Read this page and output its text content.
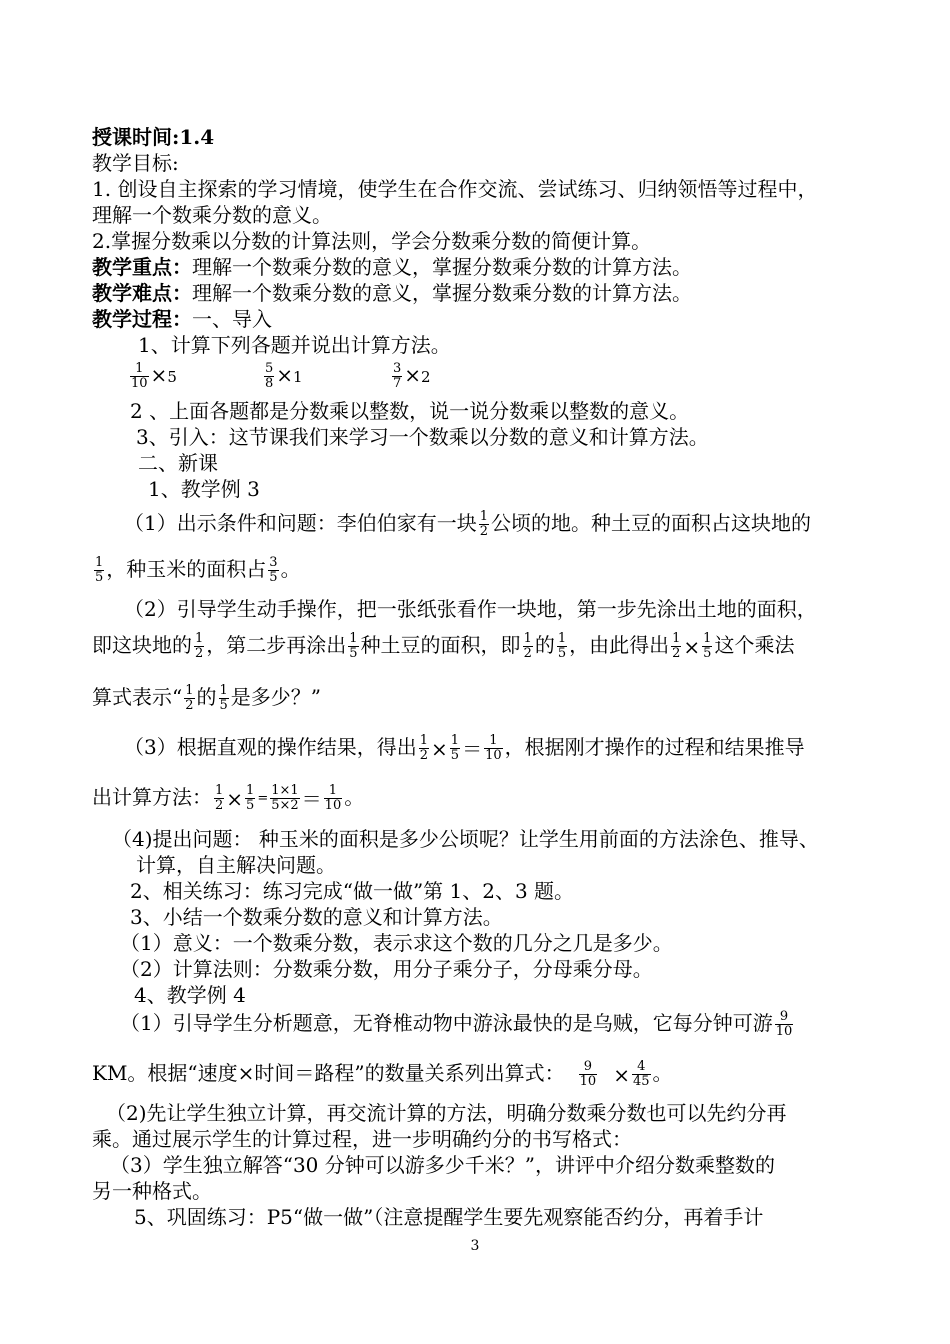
授课时间:1.4
教学目标:
1. 创设自主探索的学习情境，使学生在合作交流、尝试练习、归纳领悟等过程中，
理解一个数乘分数的意义。
2.掌握分数乘以分数的计算法则，学会分数乘分数的简便计算。
教学重点：理解一个数乘分数的意义，掌握分数乘分数的计算方法。
教学难点：理解一个数乘分数的意义，掌握分数乘分数的计算方法。
教学过程：一、导入
1、计算下列各题并说出计算方法。
$\frac{1}{10} \times 5$	$\frac{5}{8} \times 1$	$\frac{3}{7} \times 2$
2 、上面各题都是分数乘以整数，说一说分数乘以整数的意义。
3、引入：这节课我们来学习一个数乘以分数的意义和计算方法。
二、新课
1、教学例 3
（1）出示条件和问题：李伯伯家有一块 $\frac{1}{2}$ 公顷的地。种土豆的面积占这块地的
$\frac{1}{5}$ ，种玉米的面积占 $\frac{3}{5}$ 。
（2）引导学生动手操作，把一张纸张看作一块地，第一步先涂出土地的面积，
即这块地的 $\frac{1}{2}$ ，第二步再涂出 $\frac{1}{5}$ 种土豆的面积，即 $\frac{1}{2}$ 的 $\frac{1}{5}$ ，由此得出 $\frac{1}{2} \times \frac{1}{5}$ 这个乘法
算式表示“ $\frac{1}{2}$ 的 $\frac{1}{5}$ 是多少？”
（3）根据直观的操作结果，得出 $\frac{1}{2} \times \frac{1}{5} = \frac{1}{10}$ ，根据刚才操作的过程和结果推导
出计算方法： $\frac{1}{2} \times \frac{1}{5} = \frac{1\times 1}{5\times 2} = \frac{1}{10}$ 。
（4)提出问题： 种玉米的面积是多少公顷呢？让学生用前面的方法涂色、推导、
计算，自主解决问题。
2、相关练习：练习完成“做一做”第 1、2、3 题。
3、小结一个数乘分数的意义和计算方法。
（1）意义：一个数乘分数，表示求这个数的几分之几是多少。
（2）计算法则：分数乘分数，用分子乘分子，分母乘分母。
4、教学例 4
（1）引导学生分析题意，无脊椎动物中游泳最快的是乌贼，它每分钟可游 $\frac{9}{10}$
KM。根据“速度×时间＝路程”的数量关系列出算式： $\frac{9}{10} \times \frac{4}{45}$ 。
（2)先让学生独立计算，再交流计算的方法，明确分数乘分数也可以先约分再
乘。通过展示学生的计算过程，进一步明确约分的书写格式：
（3）学生独立解答“30 分钟可以游多少千米？”，讲评中介绍分数乘整数的
另一种格式。
5、巩固练习：P5“做一做”（注意提醒学生要先观察能否约分，再着手计
3
